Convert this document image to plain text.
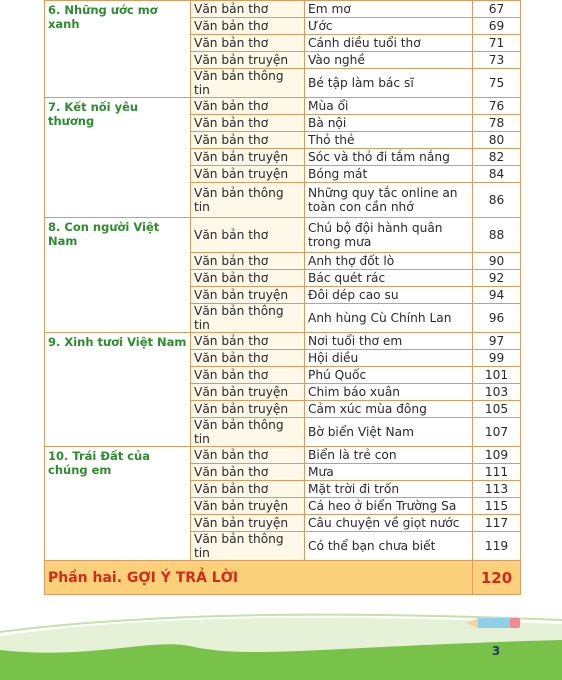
6. Những ước mơ xanh	Văn bản thơ	Em mơ	67
	Văn bản thơ	Ước	69
	Văn bản thơ	Cánh diều tuổi thơ	71
	Văn bản truyện	Vào nghề	73
	Văn bản thông tin	Bé tập làm bác sĩ	75
7. Kết nối yêu thương	Văn bản thơ	Mùa ổi	76
	Văn bản thơ	Bà nội	78
	Văn bản thơ	Thỏ thẻ	80
	Văn bản truyện	Sóc và thỏ đi tắm nắng	82
	Văn bản truyện	Bóng mát	84
	Văn bản thông tin	Những quy tắc online an toàn con cần nhớ	86
8. Con người Việt Nam	Văn bản thơ	Chú bộ đội hành quân trong mưa	88
	Văn bản thơ	Anh thợ đốt lò	90
	Văn bản thơ	Bác quét rác	92
	Văn bản truyện	Đôi dép cao su	94
	Văn bản thông tin	Anh hùng Cù Chính Lan	96
9. Xinh tươi Việt Nam	Văn bản thơ	Nơi tuổi thơ em	97
	Văn bản thơ	Hội diều	99
	Văn bản thơ	Phú Quốc	101
	Văn bản truyện	Chim báo xuân	103
	Văn bản truyện	Cảm xúc mùa đông	105
	Văn bản thông tin	Bờ biển Việt Nam	107
10. Trái Đất của chúng em	Văn bản thơ	Biển là trẻ con	109
	Văn bản thơ	Mưa	111
	Văn bản thơ	Mặt trời đi trốn	113
	Văn bản truyện	Cá heo ở biển Trường Sa	115
	Văn bản truyện	Câu chuyện về giọt nước	117
	Văn bản thông tin	Có thể bạn chưa biết	119
Phần hai. GỢI Ý TRẢ LỜI			120
3
